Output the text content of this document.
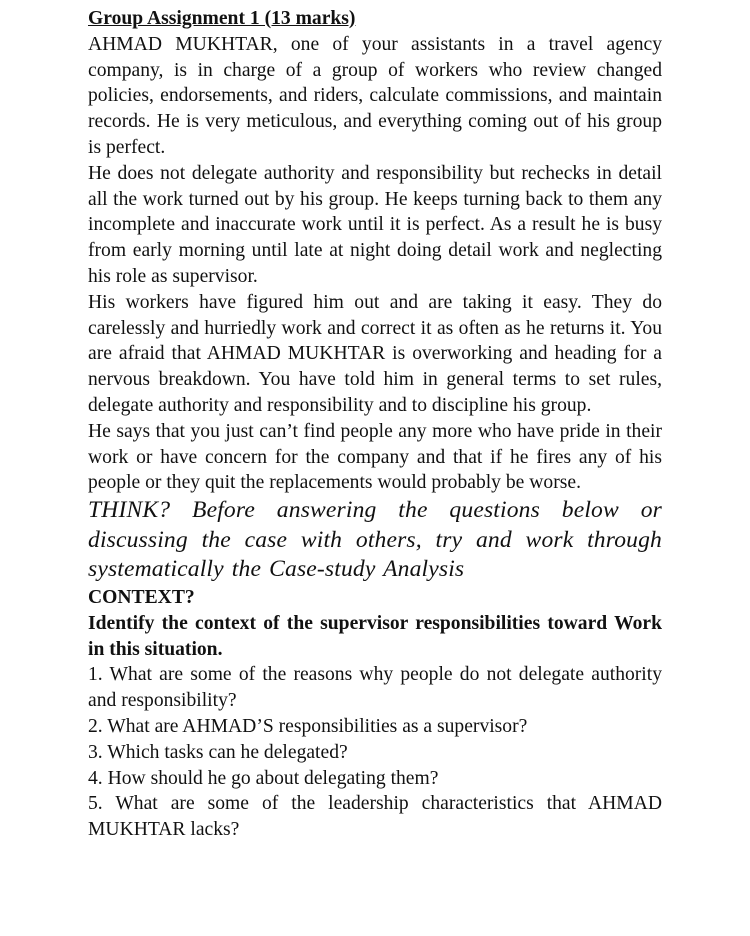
Group Assignment 1 (13 marks)

AHMAD MUKHTAR, one of your assistants in a travel agency company, is in charge of a group of workers who review changed policies, endorsements, and riders, calculate commissions, and maintain records. He is very meticulous, and everything coming out of his group is perfect.

He does not delegate authority and responsibility but rechecks in detail all the work turned out by his group. He keeps turning back to them any incomplete and inaccurate work until it is perfect. As a result he is busy from early morning until late at night doing detail work and neglecting his role as supervisor.

His workers have figured him out and are taking it easy. They do carelessly and hurriedly work and correct it as often as he returns it. You are afraid that AHMAD MUKHTAR is overworking and heading for a nervous breakdown. You have told him in general terms to set rules, delegate authority and responsibility and to discipline his group.

He says that you just can’t find people any more who have pride in their work or have concern for the company and that if he fires any of his people or they quit the replacements would probably be worse.

THINK? Before answering the questions below or discussing the case with others, try and work through systematically the Case-study Analysis

CONTEXT?

Identify the context of the supervisor responsibilities toward Work in this situation.

1. What are some of the reasons why people do not delegate authority and responsibility?
2. What are AHMAD’S responsibilities as a supervisor?
3. Which tasks can he delegated?
4. How should he go about delegating them?
5. What are some of the leadership characteristics that AHMAD MUKHTAR lacks?
